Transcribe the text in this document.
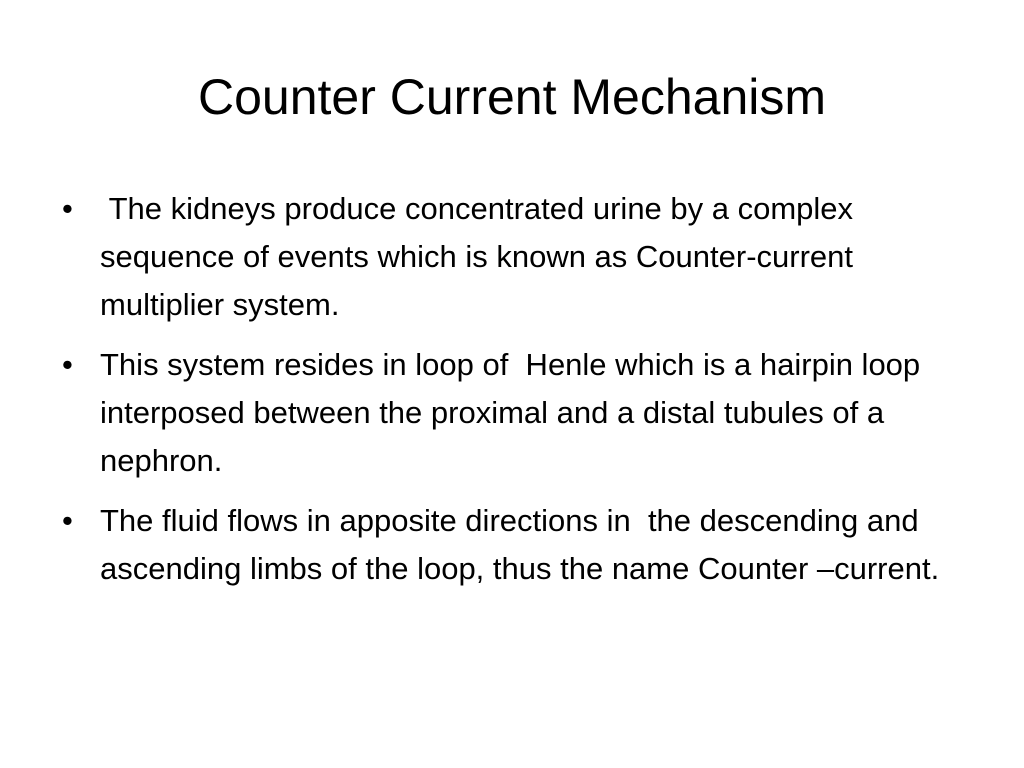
Counter Current Mechanism
• The kidneys produce concentrated urine by a complex sequence of events which is known as Counter-current multiplier system.
• This system resides in loop of  Henle which is a hairpin loop interposed between the proximal and a distal tubules of a nephron.
• The fluid flows in apposite directions in  the descending and ascending limbs of the loop, thus the name Counter –current.
